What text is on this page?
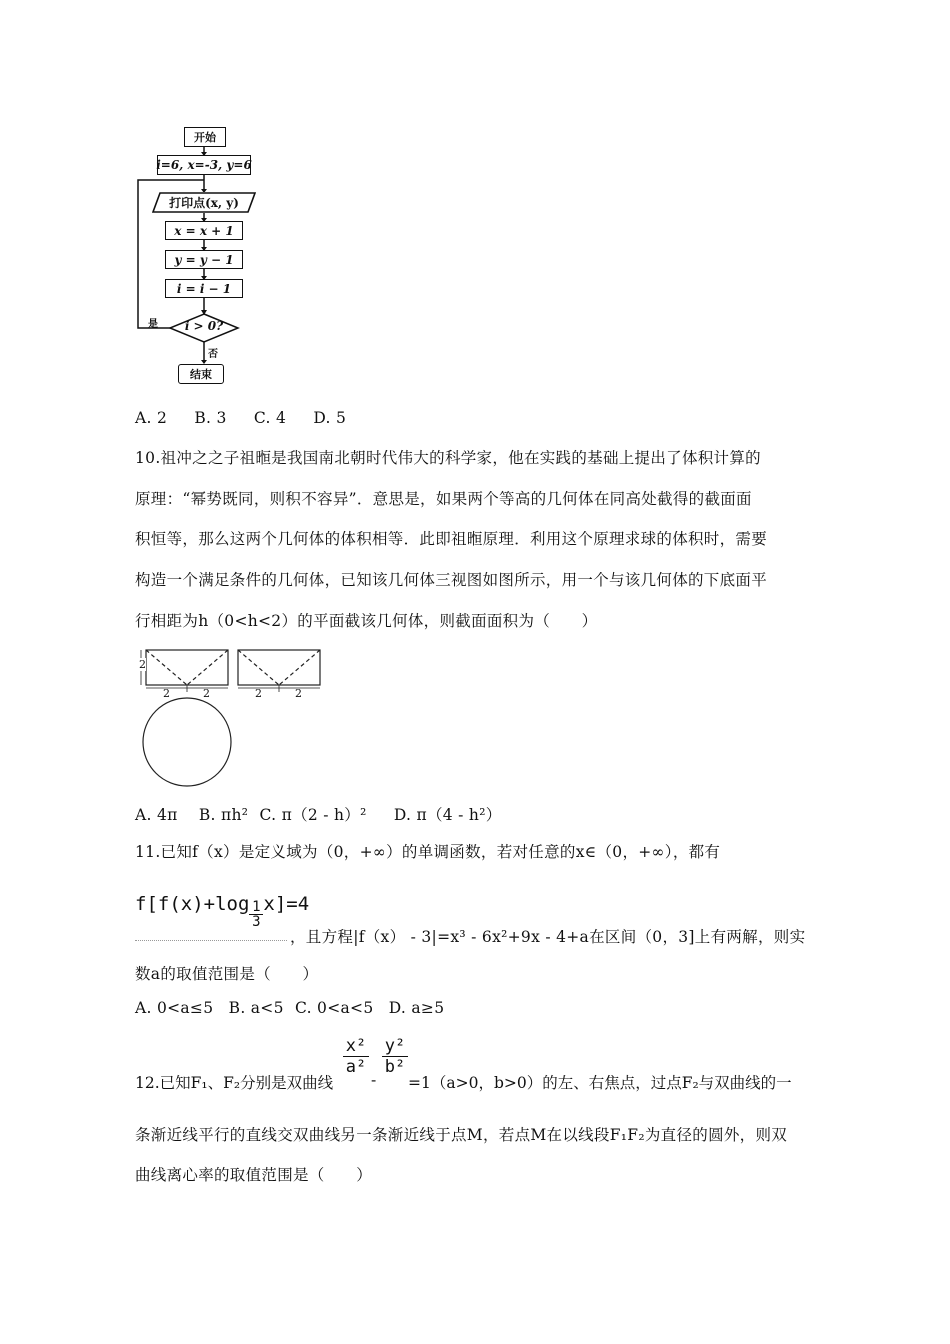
开始
i=6, x=-3, y=6
打印点(x, y)
x = x + 1
y = y − 1
i = i − 1
i > 0?
是
否
结束
A. 2 B. 3 C. 4 D. 5
10.祖冲之之子祖暅是我国南北朝时代伟大的科学家，他在实践的基础上提出了体积计算的
原理：“幂势既同，则积不容异”．意思是，如果两个等高的几何体在同高处截得的截面面
积恒等，那么这两个几何体的体积相等．此即祖暅原理．利用这个原理求球的体积时，需要
构造一个满足条件的几何体，已知该几何体三视图如图所示，用一个与该几何体的下底面平
行相距为h（0<h<2）的平面截该几何体，则截面面积为（　　）
2
2	2	2	2
A. 4π B. πh² C. π（2 - h）² D. π（4 - h²）
11.已知f（x）是定义域为（0，+∞）的单调函数，若对任意的x∈（0，+∞），都有
$f[f(x)+\log \frac{1}{3} x]=4$
，且方程|f（x） - 3|=x³ - 6x²+9x - 4+a在区间（0，3]上有两解，则实
数a的取值范围是（　　）
A. 0<a≤5 B. a<5 C. 0<a<5 D. a≥5
12.已知F₁、F₂分别是双曲线
$\frac{\text{x²}}{\text{a²}}$
-
$\frac{\text{y²}}{\text{b²}}$
=1（a>0，b>0）的左、右焦点，过点F₂与双曲线的一
条渐近线平行的直线交双曲线另一条渐近线于点M，若点M在以线段F₁F₂为直径的圆外，则双
曲线离心率的取值范围是（　　）
